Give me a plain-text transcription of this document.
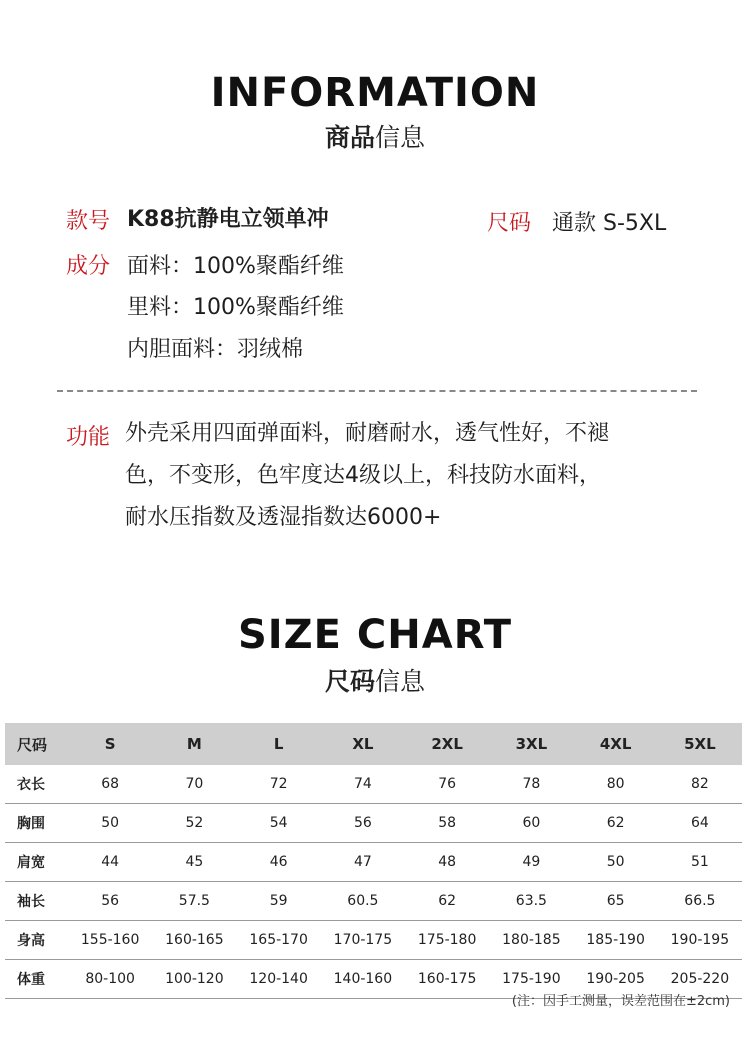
INFORMATION
商品信息
款号 K88抗静电立领单冲	尺码 通款 S-5XL
成分 面料：100%聚酯纤维
里料：100%聚酯纤维
内胆面料：羽绒棉
功能 外壳采用四面弹面料，耐磨耐水，透气性好，不褪
色，不变形，色牢度达4级以上，科技防水面料，
耐水压指数及透湿指数达6000+
SIZE CHART
尺码信息
尺码	S	M	L	XL	2XL	3XL	4XL	5XL
衣长	68	70	72	74	76	78	80	82
胸围	50	52	54	56	58	60	62	64
肩宽	44	45	46	47	48	49	50	51
袖长	56	57.5	59	60.5	62	63.5	65	66.5
身高	155-160	160-165	165-170	170-175	175-180	180-185	185-190	190-195
体重	80-100	100-120	120-140	140-160	160-175	175-190	190-205	205-220
(注：因手工测量，误差范围在±2cm)
